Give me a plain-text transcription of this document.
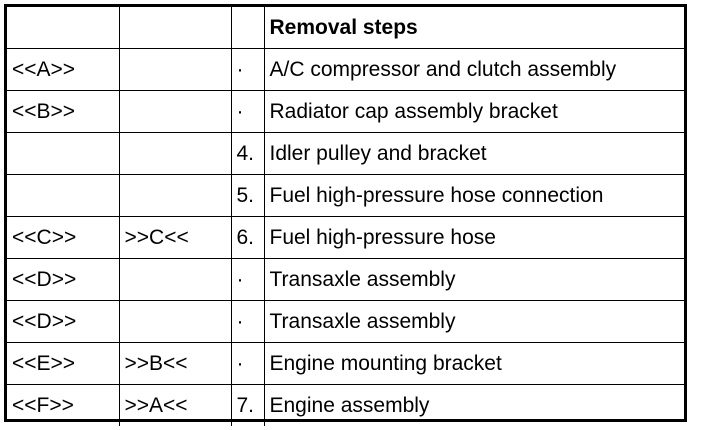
			Removal steps
<<A>>		·	A/C compressor and clutch assembly
<<B>>		·	Radiator cap assembly bracket
		4.	Idler pulley and bracket
		5.	Fuel high-pressure hose connection
<<C>>	>>C<<	6.	Fuel high-pressure hose
<<D>>		·	Transaxle assembly
<<D>>		·	Transaxle assembly
<<E>>	>>B<<	·	Engine mounting bracket
<<F>>	>>A<<	7.	Engine assembly
